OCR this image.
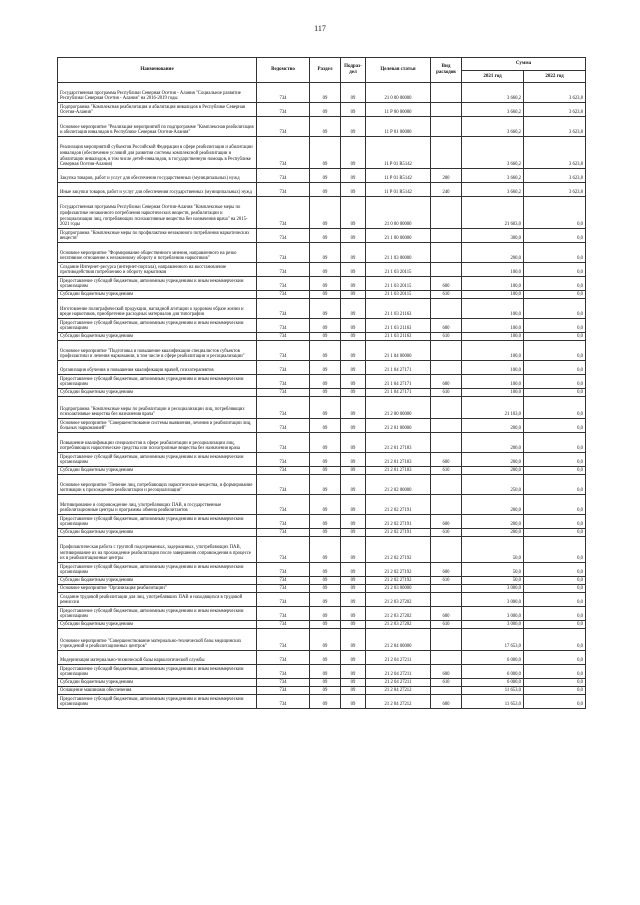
117
Наименование	Ведомство	Раздел	Подраз-дел	Целевая статья	Вид расходов	Сумма	
						2021 год	2022 год
Государственная программа Республики Северная Осетия - Алания "Социальное развитие Республики Северная Осетия - Алания" на 2016-2019 годы	734	09	09	21 0 00 00000		3 660,2	3 623,8
Подпрограмма "Комплексная реабилитация и абилитация инвалидов в Республике Северная Осетия-Алания"	734	09	09	11 Р 00 00000		3 660,2	3 623,8
Основное мероприятие "Реализация мероприятий по подпрограмме "Комплексная реабилитация и абилитация инвалидов в Республике Северная Осетия-Алания"	734	09	09	11 Р 01 00000		3 660,2	3 623,8
Реализация мероприятий субъектов Российской Федерации в сфере реабилитации и абилитации инвалидов (обеспечение условий для развития системы комплексной реабилитации и абилитации инвалидов, в том числе детей-инвалидов, в государственную помощь в Республике Северная Осетия-Алания)	734	09	09	11 Р 01 R5142		3 660,2	3 623,8
Закупка товаров, работ и услуг для обеспечения государственных (муниципальных) нужд	734	09	09	11 Р 01 R5142	200	3 660,2	3 623,8
Иные закупки товаров, работ и услуг для обеспечения государственных (муниципальных) нужд	734	09	09	11 Р 01 R5142	240	3 660,2	3 623,8
Государственная программа Республики Северная Осетия-Алания "Комплексные меры по профилактике незаконного потребления наркотических веществ, реабилитации и ресоциализации лиц, потребляющих психоактивные вещества без назначения врача" на 2015-2021 годы	734	09	09	21 0 00 00000		21 603,0	0,0
Подпрограмма "Комплексные меры по профилактике незаконного потребления наркотических веществ"	734	09	09	21 1 00 00000		300,0	0,0
Основное мероприятие "Формирование общественного мнения, направленного на резко негативное отношение к незаконному обороту и потреблению наркотиков"	734	09	09	21 1 03 00000		200,0	0,0
Создание Интернет-ресурса (интернет-портала), направленного на восстановление противодействия потреблению и обороту наркотиков	734	09	09	21 1 03 20115		100,0	0,0
Предоставление субсидий бюджетным, автономным учреждениям и иным некоммерческим организациям	734	09	09	21 1 03 20115	600	100,0	0,0
Субсидии бюджетным учреждениям	734	09	09	21 1 03 20115	610	100,0	0,0
Изготовление полиграфической продукции, наглядной агитации о здоровом образе жизни и вреде наркотиков, приобретение расходных материалов для типографии	734	09	09	21 1 03 21163		100,0	0,0
Предоставление субсидий бюджетным, автономным учреждениям и иным некоммерческим организациям	734	09	09	21 1 03 21163	600	100,0	0,0
Субсидии бюджетным учреждениям	734	09	09	21 1 03 21163	610	100,0	0,0
Основное мероприятие "Подготовка и повышение квалификации специалистов субъектов профилактики и лечения наркомании, в том числе в сфере реабилитации и ресоциализации"	734	09	09	21 1 04 00000		100,0	0,0
Организация обучения и повышения квалификации врачей, психотерапевтов	734	09	09	21 1 04 27171		100,0	0,0
Предоставление субсидий бюджетным, автономным учреждениям и иным некоммерческим организациям	734	09	09	21 1 04 27171	600	100,0	0,0
Субсидии бюджетным учреждениям	734	09	09	21 1 04 27171	610	100,0	0,0
Подпрограмма "Комплексные меры по реабилитации и ресоциализации лиц, потребляющих психоактивные вещества без назначения врача"	734	09	09	21 2 00 00000		21 103,0	0,0
Основное мероприятие "Совершенствование системы выявления, лечения и реабилитации лиц, больных наркоманией"	734	09	09	21 2 01 00000		200,0	0,0
Повышение квалификации специалистов в сфере реабилитации и ресоциализации лиц, потребляющих наркотические средства или психотропные вещества без назначения врача	734	09	09	21 2 01 27183		200,0	0,0
Предоставление субсидий бюджетным, автономным учреждениям и иным некоммерческим организациям	734	09	09	21 2 01 27183	600	200,0	0,0
Субсидии бюджетным учреждениям	734	09	09	21 2 01 27183	610	200,0	0,0
Основное мероприятие "Лечение лиц, потребляющих наркотические вещества, и формирование мотивации к прохождению реабилитации и ресоциализации"	734	09	09	21 2 02 00000		250,0	0,0
Мотивирование и сопровождение лиц, употребляющих ПАВ, в государственные реабилитационные центры и программы обмена реабилитантов	734	09	09	21 2 02 27191		200,0	0,0
Предоставление субсидий бюджетным, автономным учреждениям и иным некоммерческим организациям	734	09	09	21 2 02 27191	600	200,0	0,0
Субсидии бюджетным учреждениям	734	09	09	21 2 02 27191	610	200,0	0,0
Профилактическая работа с группой подозреваемых, задержанных, употребляющих ПАВ, мотивирование их на прохождение реабилитации после завершения сопровождения в процессе их в реабилитационные центры	734	09	09	21 2 02 27192		50,0	0,0
Предоставление субсидий бюджетным, автономным учреждениям и иным некоммерческим организациям	734	09	09	21 2 02 27192	600	50,0	0,0
Субсидии бюджетным учреждениям	734	09	09	21 2 02 27192	610	50,0	0,0
Основное мероприятие "Организация реабилитации"	734	09	09	21 2 03 00000		3 000,0	0,0
Создание трудовой реабилитации для лиц, употреблявших ПАВ и находящихся в трудовой ремиссии	734	09	09	21 2 03 27202		3 000,0	0,0
Предоставление субсидий бюджетным, автономным учреждениям и иным некоммерческим организациям	734	09	09	21 2 03 27202	600	3 000,0	0,0
Субсидии бюджетным учреждениям	734	09	09	21 2 03 27202	610	3 000,0	0,0
Основное мероприятие "Совершенствование материально-технической базы медицинских учреждений и реабилитационных центров"	734	09	09	21 2 04 00000		17 653,0	0,0
Модернизация материально-технической базы наркологической службы	734	09	09	21 2 04 27211		6 000,0	0,0
Предоставление субсидий бюджетным, автономным учреждениям и иным некоммерческим организациям	734	09	09	21 2 04 27211	600	6 000,0	0,0
Субсидии бюджетным учреждениям	734	09	09	21 2 04 27211	610	6 000,0	0,0
Оснащение машинами обеспечения	734	09	09	21 2 04 27212		11 653,0	0,0
Предоставление субсидий бюджетным, автономным учреждениям и иным некоммерческим организациям	734	09	09	21 2 04 27212	600	11 653,0	0,0
